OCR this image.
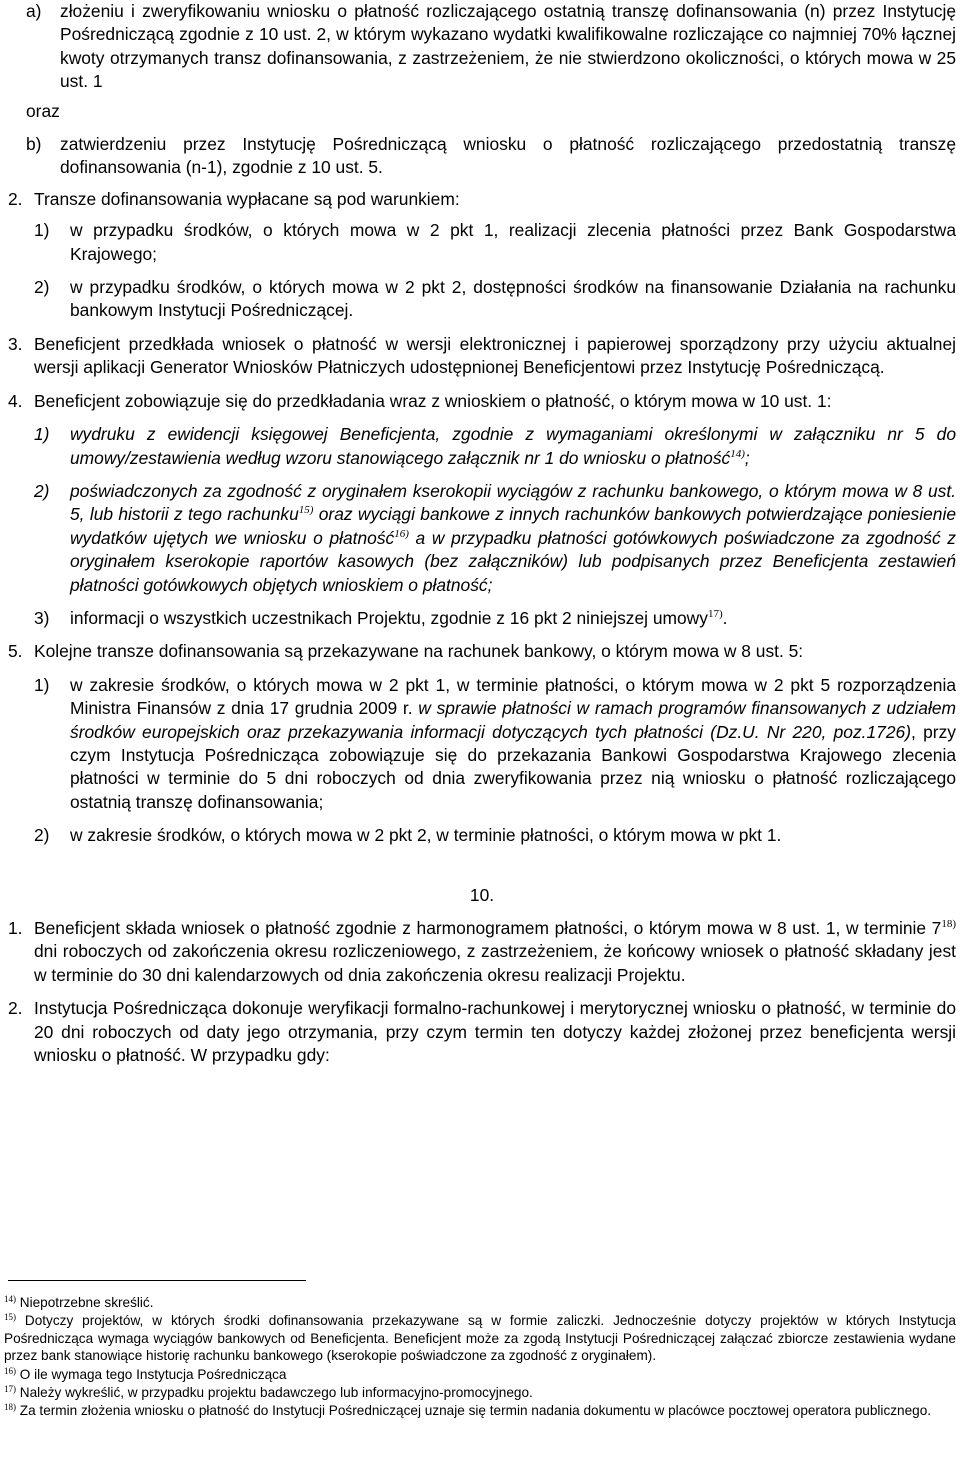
a) złożeniu i zweryfikowaniu wniosku o płatność rozliczającego ostatnią transzę dofinansowania (n) przez Instytucję Pośredniczącą zgodnie z 10 ust. 2, w którym wykazano wydatki kwalifikowalne rozliczające co najmniej 70% łącznej kwoty otrzymanych transz dofinansowania, z zastrzeżeniem, że nie stwierdzono okoliczności, o których mowa w 25 ust. 1
oraz
b) zatwierdzeniu przez Instytucję Pośredniczącą wniosku o płatność rozliczającego przedostatnią transzę dofinansowania (n-1), zgodnie z 10 ust. 5.
2. Transze dofinansowania wypłacane są pod warunkiem:
1) w przypadku środków, o których mowa w 2 pkt 1, realizacji zlecenia płatności przez Bank Gospodarstwa Krajowego;
2) w przypadku środków, o których mowa w 2 pkt 2, dostępności środków na finansowanie Działania na rachunku bankowym Instytucji Pośredniczącej.
3. Beneficjent przedkłada wniosek o płatność w wersji elektronicznej i papierowej sporządzony przy użyciu aktualnej wersji aplikacji Generator Wniosków Płatniczych udostępnionej Beneficjentowi przez Instytucję Pośredniczącą.
4. Beneficjent zobowiązuje się do przedkładania wraz z wnioskiem o płatność, o którym mowa w 10 ust. 1:
1) wydruku z ewidencji księgowej Beneficjenta, zgodnie z wymaganiami określonymi w załączniku nr 5 do umowy/zestawienia według wzoru stanowiącego załącznik nr 1 do wniosku o płatność$^{14)}$;
2) poświadczonych za zgodność z oryginałem kserokopii wyciągów z rachunku bankowego, o którym mowa w 8 ust. 5, lub historii z tego rachunku$^{15)}$ oraz wyciągi bankowe z innych rachunków bankowych potwierdzające poniesienie wydatków ujętych we wniosku o płatność$^{16)}$ a w przypadku płatności gotówkowych poświadczone za zgodność z oryginałem kserokopie raportów kasowych (bez załączników) lub podpisanych przez Beneficjenta zestawień płatności gotówkowych objętych wnioskiem o płatność;
3) informacji o wszystkich uczestnikach Projektu, zgodnie z 16 pkt 2 niniejszej umowy$^{17)}$.
5. Kolejne transze dofinansowania są przekazywane na rachunek bankowy, o którym mowa w 8 ust. 5:
1) w zakresie środków, o których mowa w 2 pkt 1, w terminie płatności, o którym mowa w 2 pkt 5 rozporządzenia Ministra Finansów z dnia 17 grudnia 2009 r. w sprawie płatności w ramach programów finansowanych z udziałem środków europejskich oraz przekazywania informacji dotyczących tych płatności (Dz.U. Nr 220, poz.1726), przy czym Instytucja Pośrednicząca zobowiązuje się do przekazania Bankowi Gospodarstwa Krajowego zlecenia płatności w terminie do 5 dni roboczych od dnia zweryfikowania przez nią wniosku o płatność rozliczającego ostatnią transzę dofinansowania;
2) w zakresie środków, o których mowa w 2 pkt 2, w terminie płatności, o którym mowa w pkt 1.
10.
1. Beneficjent składa wniosek o płatność zgodnie z harmonogramem płatności, o którym mowa w 8 ust. 1, w terminie 7$^{18)}$ dni roboczych od zakończenia okresu rozliczeniowego, z zastrzeżeniem, że końcowy wniosek o płatność składany jest w terminie do 30 dni kalendarzowych od dnia zakończenia okresu realizacji Projektu.
2. Instytucja Pośrednicząca dokonuje weryfikacji formalno-rachunkowej i merytorycznej wniosku o płatność, w terminie do 20 dni roboczych od daty jego otrzymania, przy czym termin ten dotyczy każdej złożonej przez beneficjenta wersji wniosku o płatność. W przypadku gdy:

$^{14)}$ Niepotrzebne skreślić.

$^{15)}$ Dotyczy projektów, w których środki dofinansowania przekazywane są w formie zaliczki. Jednocześnie dotyczy projektów w których Instytucja Pośrednicząca wymaga wyciągów bankowych od Beneficjenta. Beneficjent może za zgodą Instytucji Pośredniczącej załączać zbiorcze zestawienia wydane przez bank stanowiące historię rachunku bankowego (kserokopie poświadczone za zgodność z oryginałem).

$^{16)}$ O ile wymaga tego Instytucja Pośrednicząca

$^{17)}$ Należy wykreślić, w przypadku projektu badawczego lub informacyjno-promocyjnego.

$^{18)}$ Za termin złożenia wniosku o płatność do Instytucji Pośredniczącej uznaje się termin nadania dokumentu w placówce pocztowej operatora publicznego.
